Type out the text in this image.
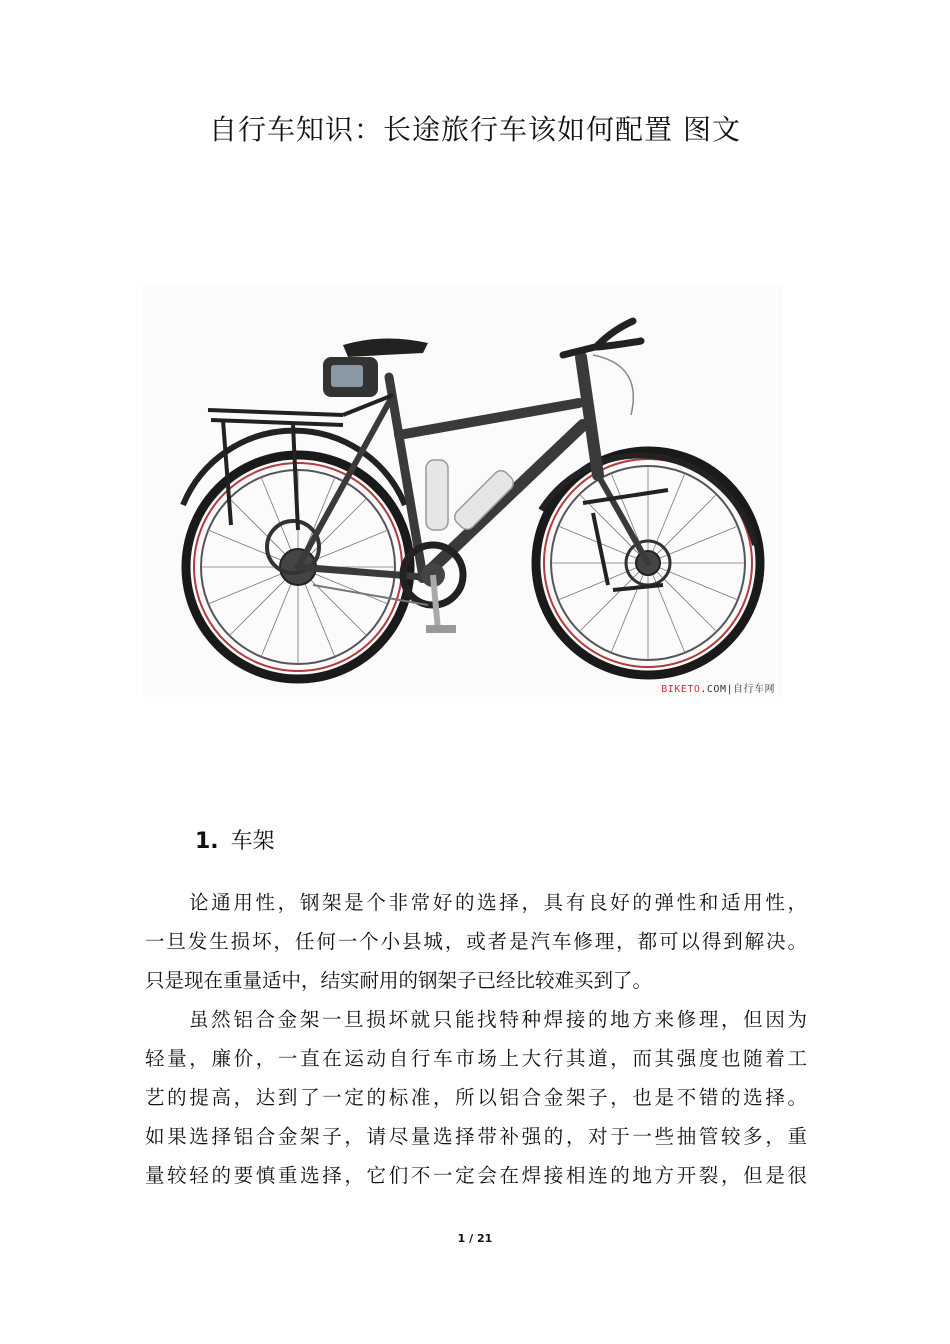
自行车知识：长途旅行车该如何配置 图文
BIKETO.COM|自行车网
1. 车架

论通用性，钢架是个非常好的选择，具有良好的弹性和适用性，
一旦发生损坏，任何一个小县城，或者是汽车修理，都可以得到解决。
只是现在重量适中，结实耐用的钢架子已经比较难买到了。

虽然铝合金架一旦损坏就只能找特种焊接的地方来修理，但因为
轻量，廉价，一直在运动自行车市场上大行其道，而其强度也随着工
艺的提高，达到了一定的标准，所以铝合金架子，也是不错的选择。
如果选择铝合金架子，请尽量选择带补强的，对于一些抽管较多，重
量较轻的要慎重选择，它们不一定会在焊接相连的地方开裂，但是很

1 / 21
